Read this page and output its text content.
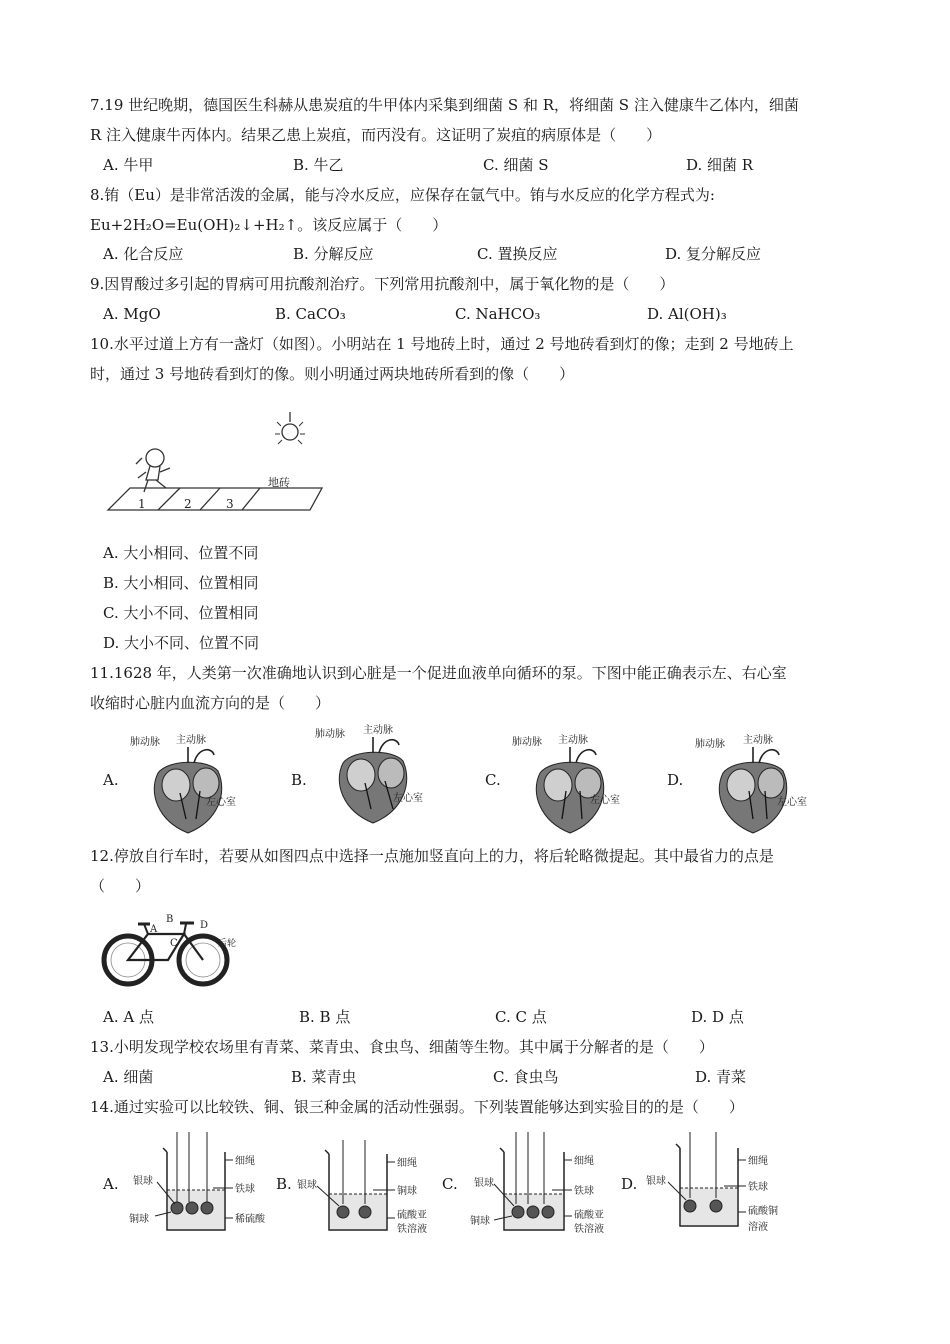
7.19 世纪晚期，德国医生科赫从患炭疽的牛甲体内采集到细菌 S 和 R，将细菌 S 注入健康牛乙体内，细菌
R 注入健康牛丙体内。结果乙患上炭疽，而丙没有。这证明了炭疽的病原体是（　　）
A. 牛甲	B. 牛乙	C. 细菌 S	D. 细菌 R
8.铕（Eu）是非常活泼的金属，能与冷水反应，应保存在氩气中。铕与水反应的化学方程式为:
Eu+2H₂O=Eu(OH)₂↓+H₂↑。该反应属于（　　）
A. 化合反应	B. 分解反应	C. 置换反应	D. 复分解反应
9.因胃酸过多引起的胃病可用抗酸剂治疗。下列常用抗酸剂中，属于氧化物的是（　　）
A. MgO	B. CaCO₃	C. NaHCO₃	D. Al(OH)₃
10.水平过道上方有一盏灯（如图）。小明站在 1 号地砖上时，通过 2 号地砖看到灯的像；走到 2 号地砖上
时，通过 3 号地砖看到灯的像。则小明通过两块地砖所看到的像（　　）
1	2	3
地砖
A. 大小相同、位置不同
B. 大小相同、位置相同
C. 大小不同、位置相同
D. 大小不同、位置不同
11.1628 年，人类第一次准确地认识到心脏是一个促进血液单向循环的泵。下图中能正确表示左、右心室
收缩时心脏内血流方向的是（　　）
A.	B.	C.	D.
肺动脉 主动脉
左心室
肺动脉 主动脉
左心室
肺动脉 主动脉
左心室
肺动脉 主动脉
左心室
12.停放自行车时，若要从如图四点中选择一点施加竖直向上的力，将后轮略微提起。其中最省力的点是
（　　）
A
B
C
D
后轮
A. A 点	B. B 点	C. C 点	D. D 点
13.小明发现学校农场里有青菜、菜青虫、食虫鸟、细菌等生物。其中属于分解者的是（　　）
A. 细菌	B. 菜青虫	C. 食虫鸟	D. 青菜
14.通过实验可以比较铁、铜、银三种金属的活动性强弱。下列装置能够达到实验目的的是（　　）
A.	B.	C.	D.
银球
铜球
细绳
铁球
稀硫酸
银球
细绳
铜球
硫酸亚
铁溶液
银球
铜球
细绳
铁球
硫酸亚
铁溶液
银球
细绳
铁球
硫酸铜
溶液
